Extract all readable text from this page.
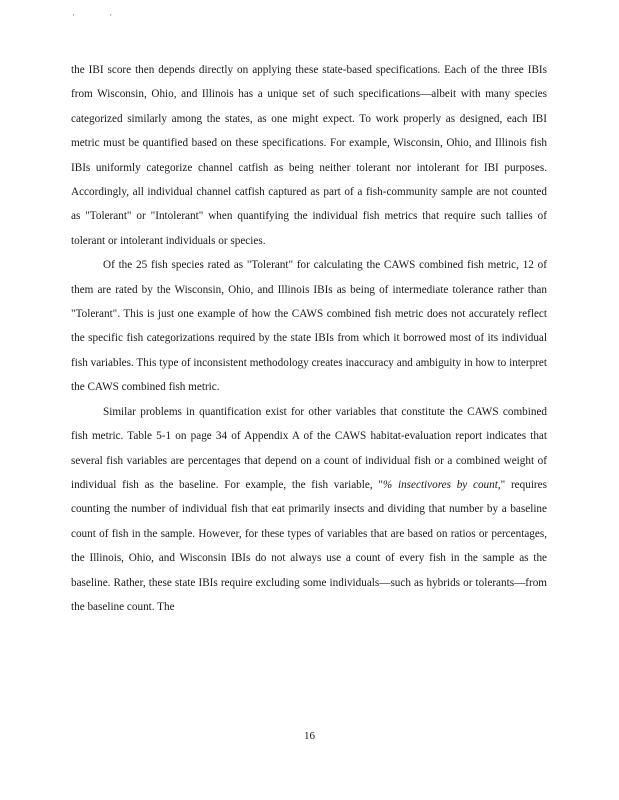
· ·

the IBI score then depends directly on applying these state-based specifications. Each of the three IBIs from Wisconsin, Ohio, and Illinois has a unique set of such specifications—albeit with many species categorized similarly among the states, as one might expect. To work properly as designed, each IBI metric must be quantified based on these specifications. For example, Wisconsin, Ohio, and Illinois fish IBIs uniformly categorize channel catfish as being neither tolerant nor intolerant for IBI purposes. Accordingly, all individual channel catfish captured as part of a fish-community sample are not counted as "Tolerant" or "Intolerant" when quantifying the individual fish metrics that require such tallies of tolerant or intolerant individuals or species.

Of the 25 fish species rated as "Tolerant" for calculating the CAWS combined fish metric, 12 of them are rated by the Wisconsin, Ohio, and Illinois IBIs as being of intermediate tolerance rather than "Tolerant". This is just one example of how the CAWS combined fish metric does not accurately reflect the specific fish categorizations required by the state IBIs from which it borrowed most of its individual fish variables. This type of inconsistent methodology creates inaccuracy and ambiguity in how to interpret the CAWS combined fish metric.

Similar problems in quantification exist for other variables that constitute the CAWS combined fish metric. Table 5-1 on page 34 of Appendix A of the CAWS habitat-evaluation report indicates that several fish variables are percentages that depend on a count of individual fish or a combined weight of individual fish as the baseline. For example, the fish variable, "% insectivores by count," requires counting the number of individual fish that eat primarily insects and dividing that number by a baseline count of fish in the sample. However, for these types of variables that are based on ratios or percentages, the Illinois, Ohio, and Wisconsin IBIs do not always use a count of every fish in the sample as the baseline. Rather, these state IBIs require excluding some individuals—such as hybrids or tolerants—from the baseline count. The

16
